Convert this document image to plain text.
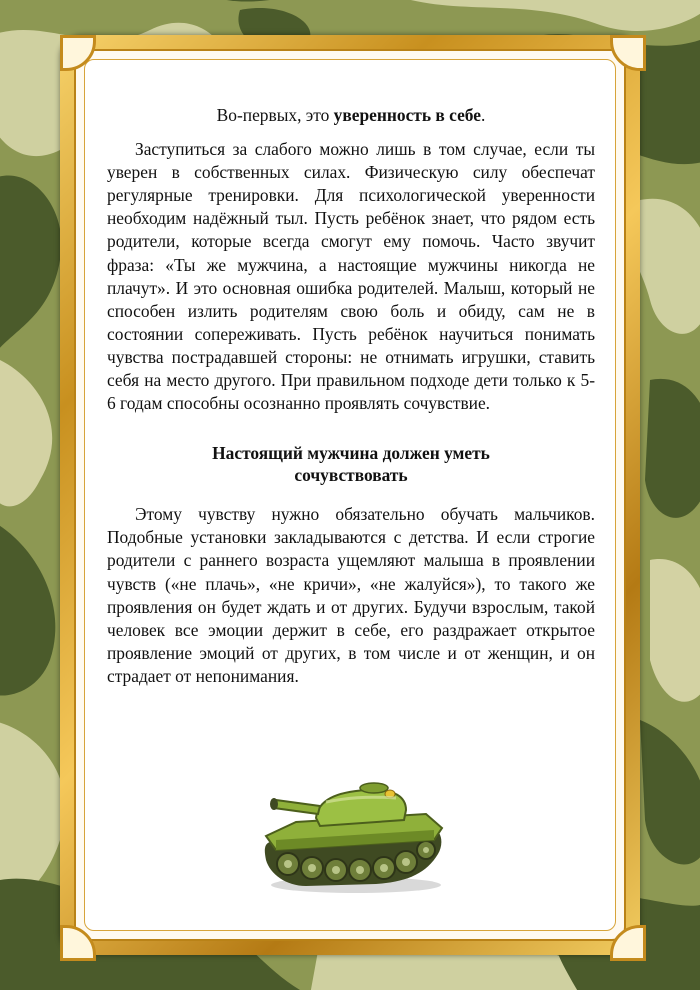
Во-первых, это уверенность в себе.

Заступиться за слабого можно лишь в том случае, если ты уверен в собственных силах. Физическую силу обеспечат регулярные тренировки. Для психологической уверенности необходим надёжный тыл. Пусть ребёнок знает, что рядом есть родители, которые всегда смогут ему помочь. Часто звучит фраза: «Ты же мужчина, а настоящие мужчины никогда не плачут». И это основная ошибка родителей. Малыш, который не способен излить родителям свою боль и обиду, сам не в состоянии сопереживать. Пусть ребёнок научиться понимать чувства пострадавшей стороны: не отнимать игрушки, ставить себя на место другого. При правильном подходе дети только к 5-6 годам способны осознанно проявлять сочувствие.

Настоящий мужчина должен уметь
сочувствовать

Этому чувству нужно обязательно обучать мальчиков. Подобные установки закладываются с детства. И если строгие родители с раннего возраста ущемляют малыша в проявлении чувств («не плачь», «не кричи», «не жалуйся»), то такого же проявления он будет ждать и от других. Будучи взрослым, такой человек все эмоции держит в себе, его раздражает открытое проявление эмоций от других, в том числе и от женщин, и он страдает от непонимания.
